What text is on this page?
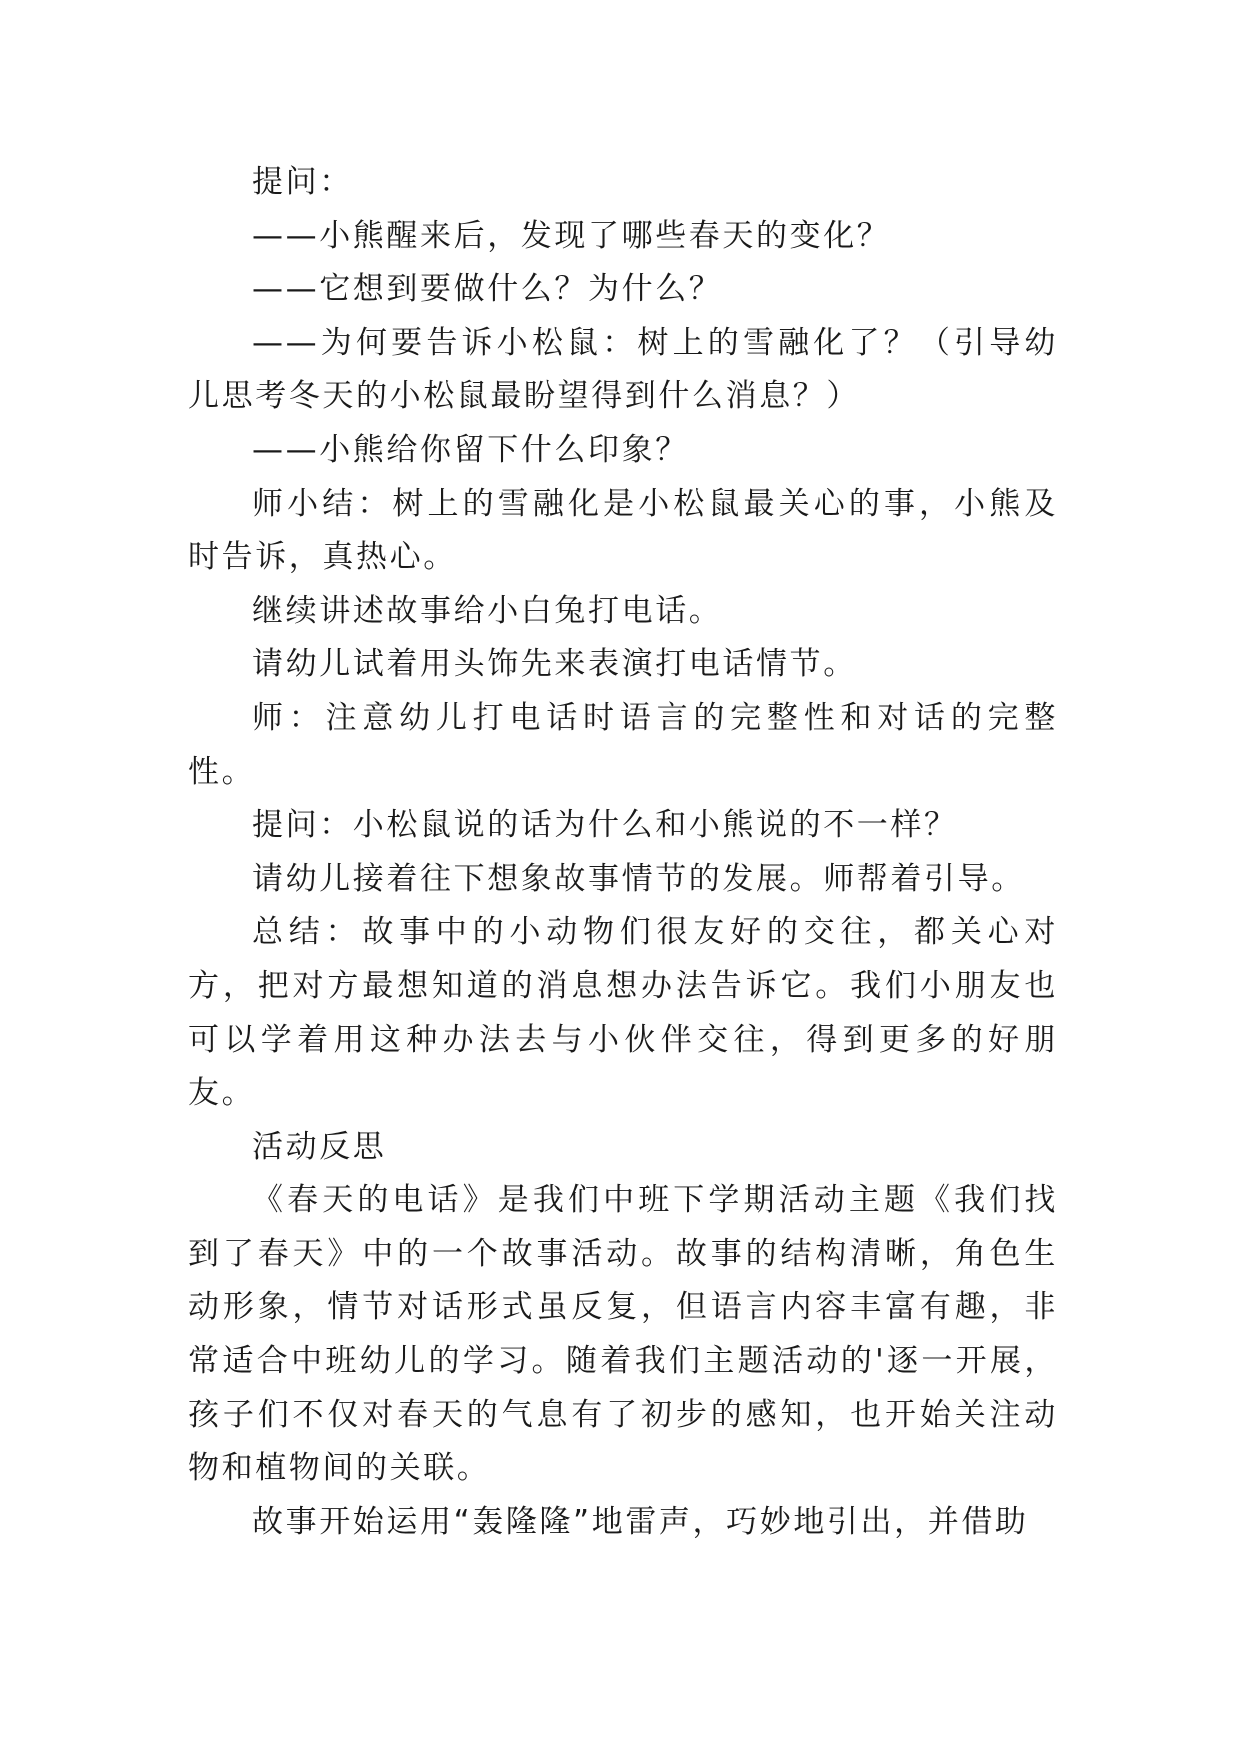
提问：

——小熊醒来后，发现了哪些春天的变化？

——它想到要做什么？为什么？

——为何要告诉小松鼠：树上的雪融化了？（引导幼儿思考冬天的小松鼠最盼望得到什么消息？）

——小熊给你留下什么印象？

师小结：树上的雪融化是小松鼠最关心的事，小熊及时告诉，真热心。

继续讲述故事给小白兔打电话。

请幼儿试着用头饰先来表演打电话情节。

师：注意幼儿打电话时语言的完整性和对话的完整性。

提问：小松鼠说的话为什么和小熊说的不一样？

请幼儿接着往下想象故事情节的发展。师帮着引导。

总结：故事中的小动物们很友好的交往，都关心对方，把对方最想知道的消息想办法告诉它。我们小朋友也可以学着用这种办法去与小伙伴交往，得到更多的好朋友。

活动反思

《春天的电话》是我们中班下学期活动主题《我们找到了春天》中的一个故事活动。故事的结构清晰，角色生动形象，情节对话形式虽反复，但语言内容丰富有趣，非常适合中班幼儿的学习。随着我们主题活动的'逐一开展，孩子们不仅对春天的气息有了初步的感知，也开始关注动物和植物间的关联。

故事开始运用“轰隆隆”地雷声，巧妙地引出，并借助
